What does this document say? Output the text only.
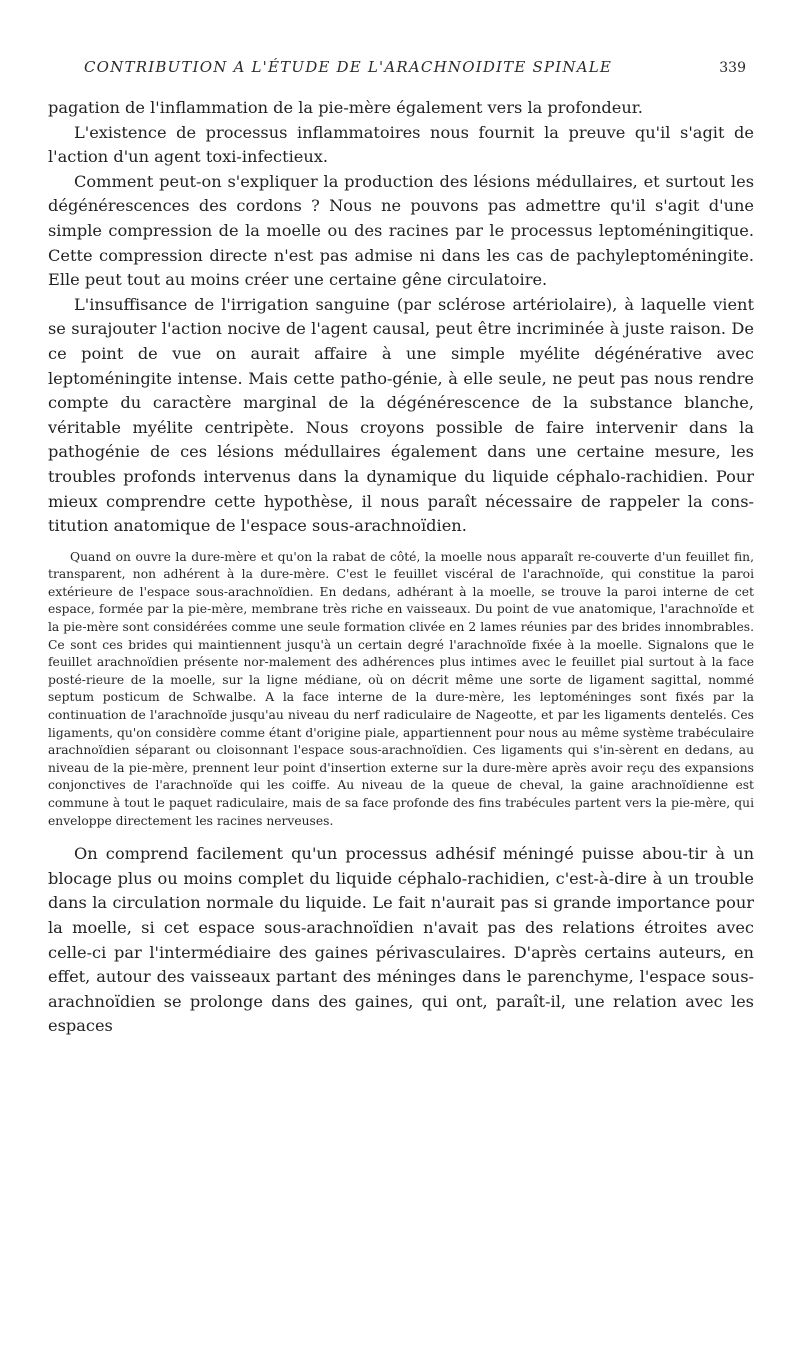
CONTRIBUTION A L'ÉTUDE DE L'ARACHNOIDITE SPINALE	339

pagation de l'inflammation de la pie-mère également vers la profondeur.

L'existence de processus inflammatoires nous fournit la preuve qu'il s'agit de l'action d'un agent toxi-infectieux.

Comment peut-on s'expliquer la production des lésions médullaires, et surtout les dégénérescences des cordons ? Nous ne pouvons pas admettre qu'il s'agit d'une simple compression de la moelle ou des racines par le processus leptoméningitique. Cette compression directe n'est pas admise ni dans les cas de pachyleptoméningite. Elle peut tout au moins créer une certaine gêne circulatoire.

L'insuffisance de l'irrigation sanguine (par sclérose artériolaire), à laquelle vient se surajouter l'action nocive de l'agent causal, peut être incriminée à juste raison. De ce point de vue on aurait affaire à une simple myélite dégénérative avec leptoméningite intense. Mais cette patho-génie, à elle seule, ne peut pas nous rendre compte du caractère marginal de la dégénérescence de la substance blanche, véritable myélite centripète. Nous croyons possible de faire intervenir dans la pathogénie de ces lésions médullaires également dans une certaine mesure, les troubles profonds intervenus dans la dynamique du liquide céphalo-rachidien. Pour mieux comprendre cette hypothèse, il nous paraît nécessaire de rappeler la cons-titution anatomique de l'espace sous-arachnoïdien.

Quand on ouvre la dure-mère et qu'on la rabat de côté, la moelle nous apparaît re-couverte d'un feuillet fin, transparent, non adhérent à la dure-mère. C'est le feuillet viscéral de l'arachnoïde, qui constitue la paroi extérieure de l'espace sous-arachnoïdien. En dedans, adhérant à la moelle, se trouve la paroi interne de cet espace, formée par la pie-mère, membrane très riche en vaisseaux. Du point de vue anatomique, l'arachnoïde et la pie-mère sont considérées comme une seule formation clivée en 2 lames réunies par des brides innombrables. Ce sont ces brides qui maintiennent jusqu'à un certain degré l'arachnoïde fixée à la moelle. Signalons que le feuillet arachnoïdien présente nor-malement des adhérences plus intimes avec le feuillet pial surtout à la face posté-rieure de la moelle, sur la ligne médiane, où on décrit même une sorte de ligament sagittal, nommé septum posticum de Schwalbe. A la face interne de la dure-mère, les leptoméninges sont fixés par la continuation de l'arachnoïde jusqu'au niveau du nerf radiculaire de Nageotte, et par les ligaments dentelés. Ces ligaments, qu'on considère comme étant d'origine piale, appartiennent pour nous au même système trabéculaire arachnoïdien séparant ou cloisonnant l'espace sous-arachnoïdien. Ces ligaments qui s'in-sèrent en dedans, au niveau de la pie-mère, prennent leur point d'insertion externe sur la dure-mère après avoir reçu des expansions conjonctives de l'arachnoïde qui les coiffe. Au niveau de la queue de cheval, la gaine arachnoïdienne est commune à tout le paquet radiculaire, mais de sa face profonde des fins trabécules partent vers la pie-mère, qui enveloppe directement les racines nerveuses.

On comprend facilement qu'un processus adhésif méningé puisse abou-tir à un blocage plus ou moins complet du liquide céphalo-rachidien, c'est-à-dire à un trouble dans la circulation normale du liquide. Le fait n'aurait pas si grande importance pour la moelle, si cet espace sous-arachnoïdien n'avait pas des relations étroites avec celle-ci par l'intermédiaire des gaines périvasculaires. D'après certains auteurs, en effet, autour des vaisseaux partant des méninges dans le parenchyme, l'espace sous-arachnoïdien se prolonge dans des gaines, qui ont, paraît-il, une relation avec les espaces
